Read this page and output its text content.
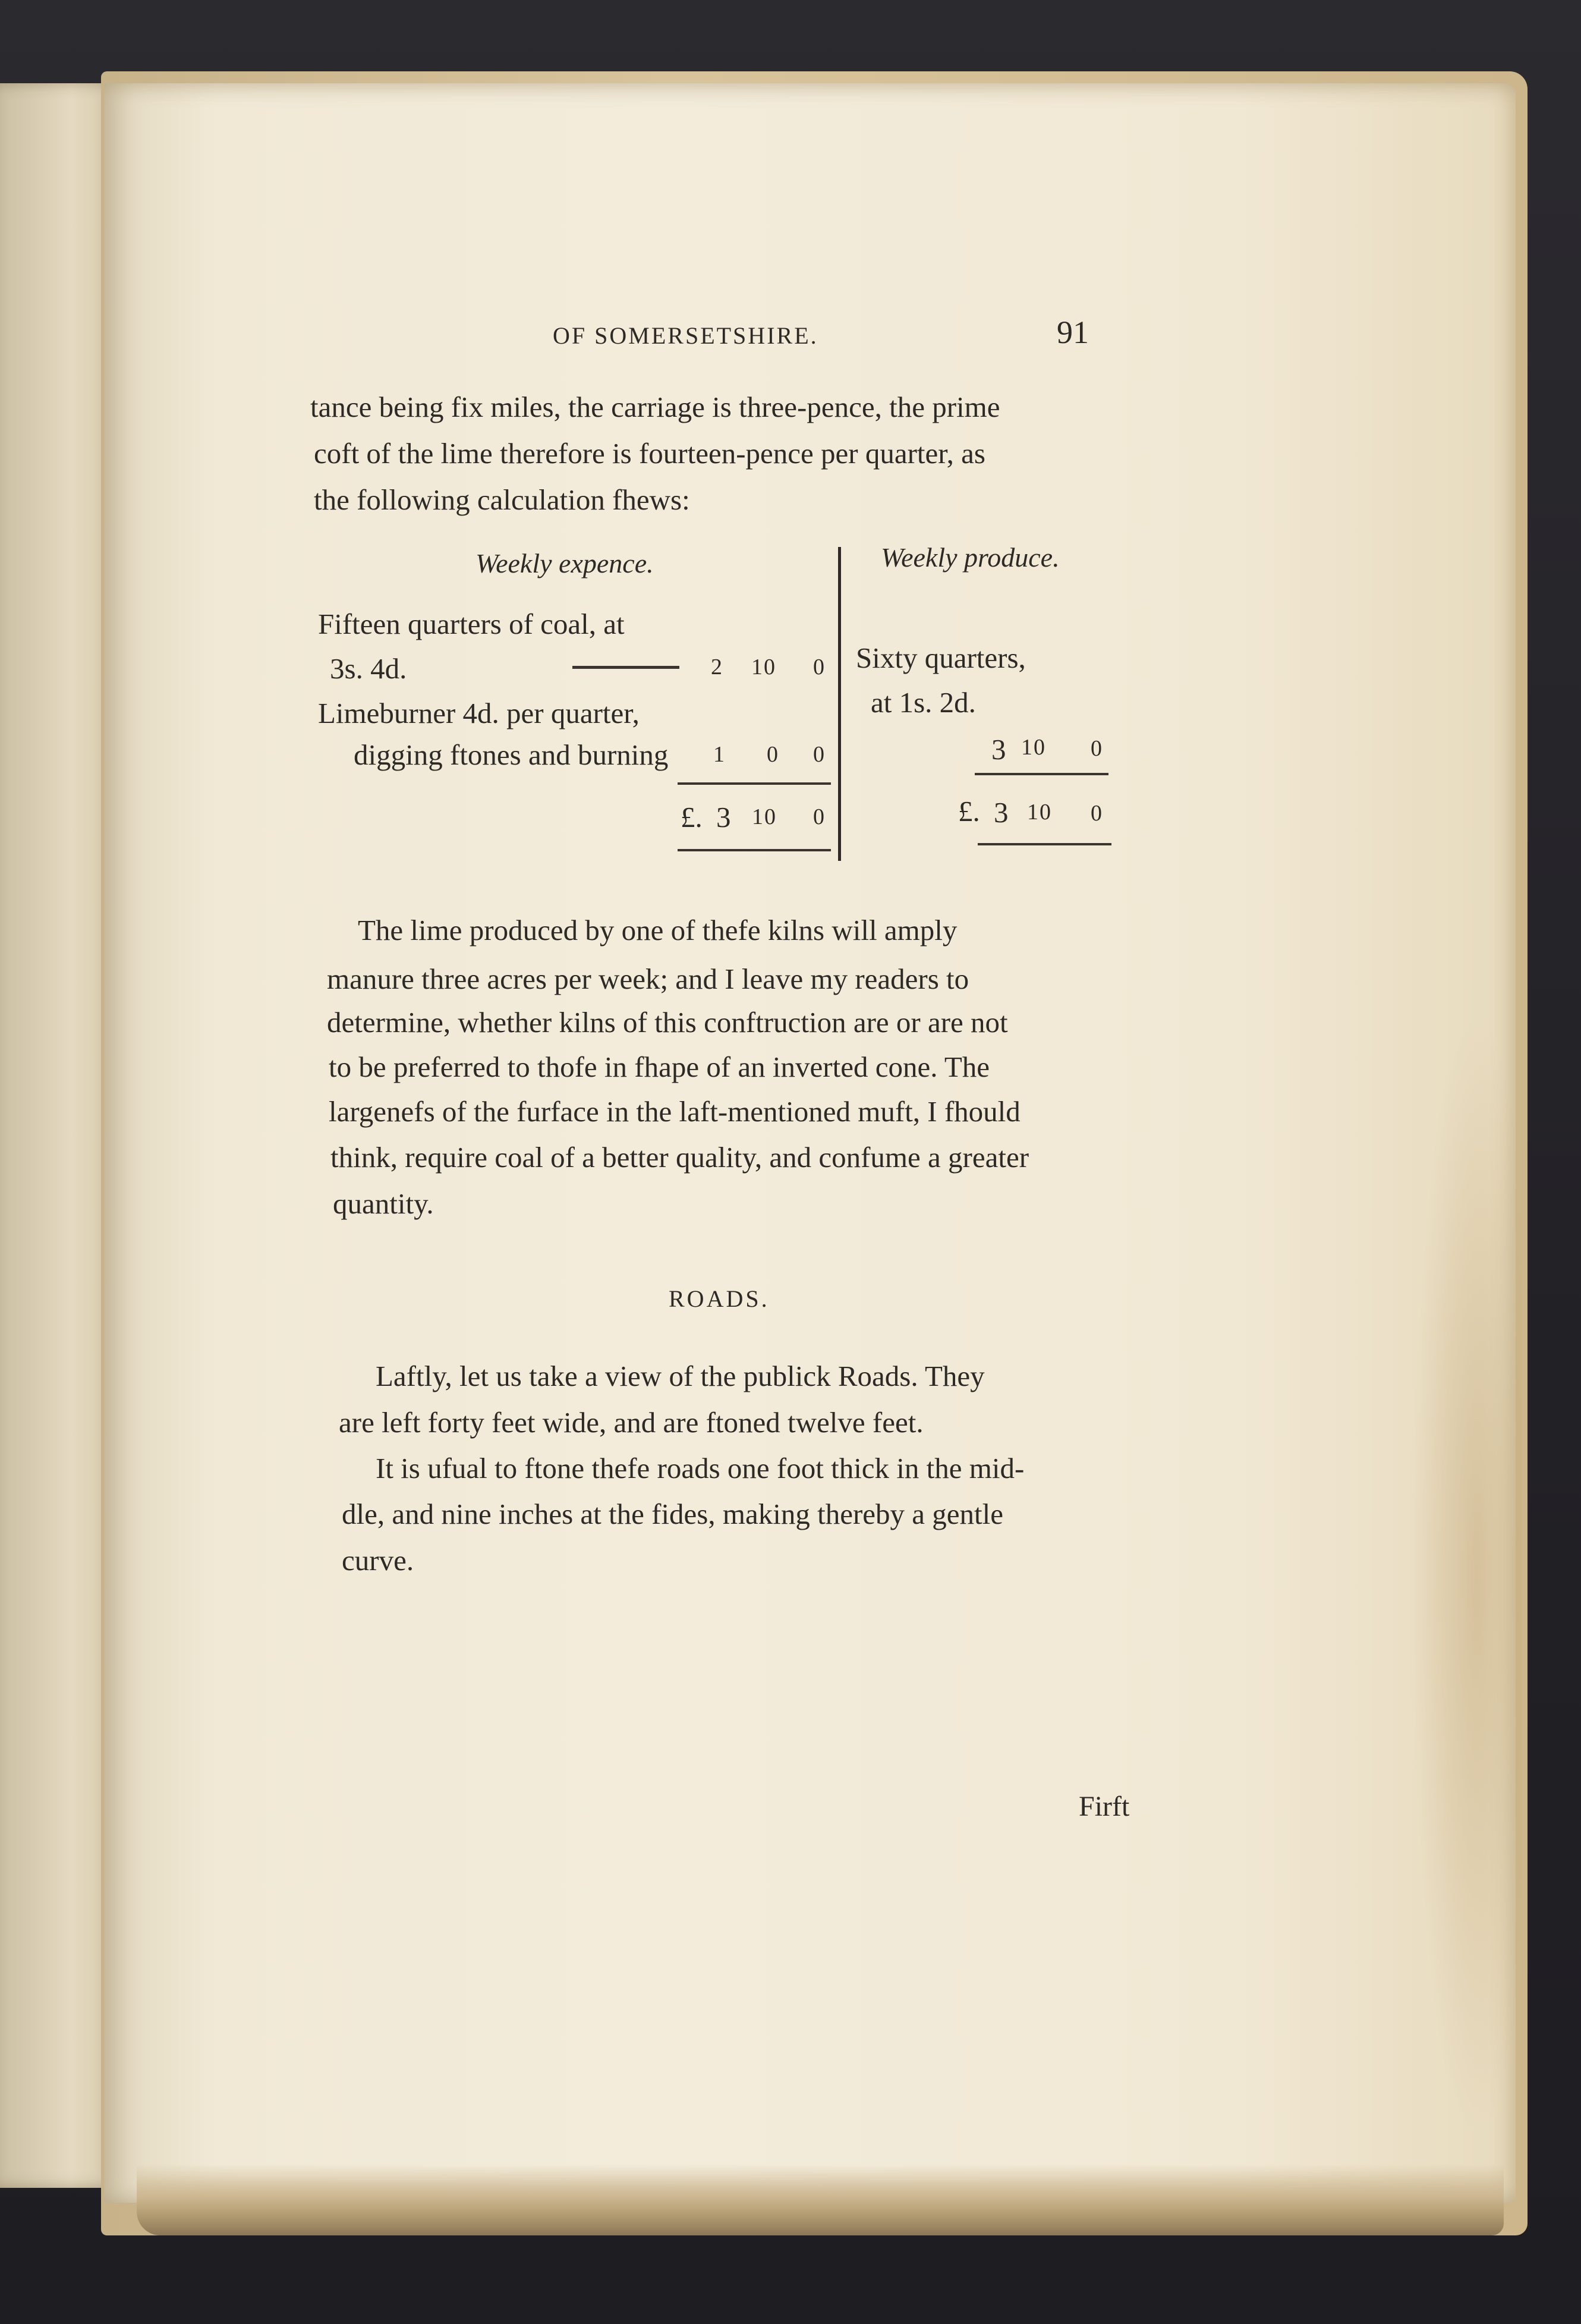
OF SOMERSETSHIRE.	91
tance being fix miles, the carriage is three-pence, the prime
coft of the lime therefore is fourteen-pence per quarter, as
the following calculation fhews:
Weekly expence.	Weekly produce.
Fifteen quarters of coal, at
3s. 4d.	2 10 0
Limeburner 4d. per quarter,
digging ftones and burning 1 0 0
£. 3 10 0
Sixty quarters,
at 1s. 2d.
3 10 0
£. 3 10 0
The lime produced by one of thefe kilns will amply
manure three acres per week; and I leave my readers to
determine, whether kilns of this conftruction are or are not
to be preferred to thofe in fhape of an inverted cone. The
largenefs of the furface in the laft-mentioned muft, I fhould
think, require coal of a better quality, and confume a greater
quantity.
ROADS.
Laftly, let us take a view of the publick Roads. They
are left forty feet wide, and are ftoned twelve feet.
It is ufual to ftone thefe roads one foot thick in the mid-
dle, and nine inches at the fides, making thereby a gentle
curve.
Firft
